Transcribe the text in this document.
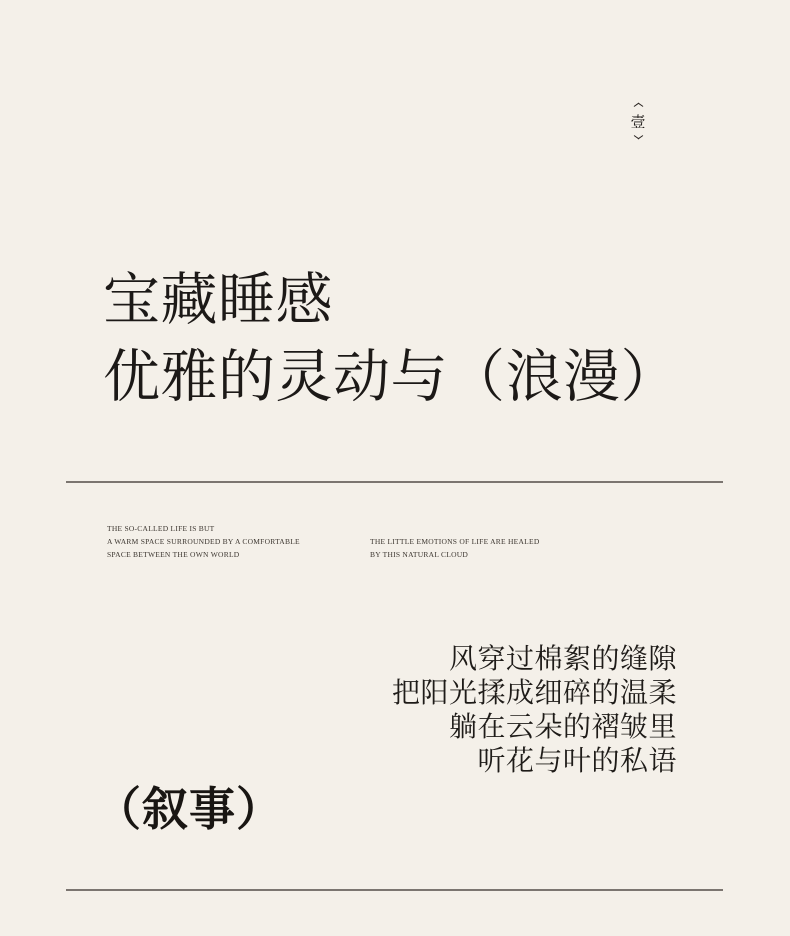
壹
宝藏睡感
优雅的灵动与（浪漫）
THE SO-CALLED LIFE IS BUT
A WARM SPACE SURROUNDED BY A COMFORTABLE
SPACE BETWEEN THE OWN WORLD
THE LITTLE EMOTIONS OF LIFE ARE HEALED
BY THIS NATURAL CLOUD
风穿过棉絮的缝隙
把阳光揉成细碎的温柔
躺在云朵的褶皱里
听花与叶的私语
（叙事）
